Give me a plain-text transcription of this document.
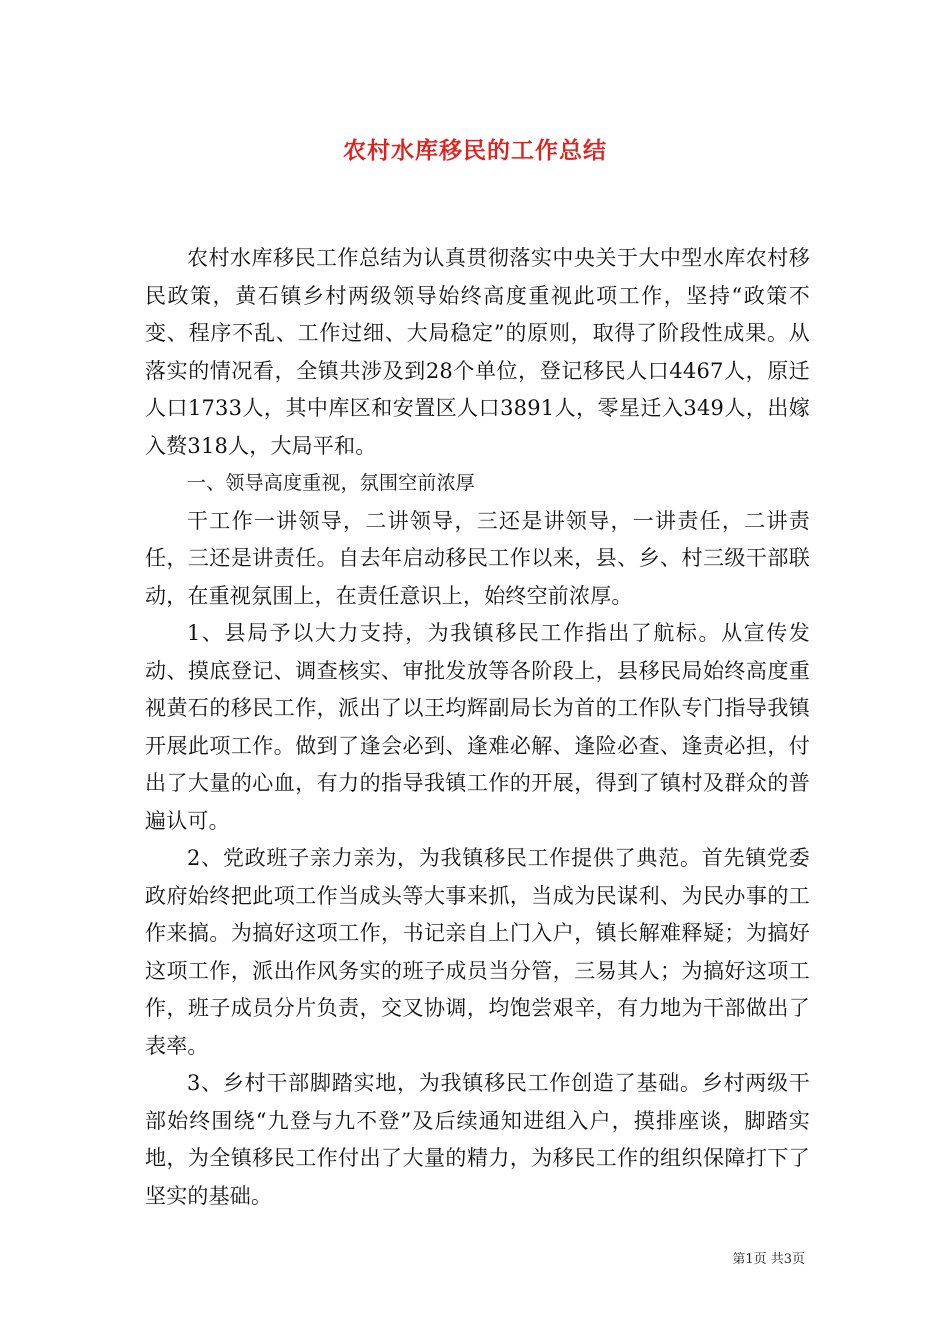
农村水库移民的工作总结

农村水库移民工作总结为认真贯彻落实中央关于大中型水库农村移民政策，黄石镇乡村两级领导始终高度重视此项工作，坚持“政策不变、程序不乱、工作过细、大局稳定”的原则，取得了阶段性成果。从落实的情况看，全镇共涉及到28个单位，登记移民人口4467人，原迁人口1733人，其中库区和安置区人口3891人，零星迁入349人，出嫁入赘318人，大局平和。

一、领导高度重视，氛围空前浓厚

干工作一讲领导，二讲领导，三还是讲领导，一讲责任，二讲责任，三还是讲责任。自去年启动移民工作以来，县、乡、村三级干部联动，在重视氛围上，在责任意识上，始终空前浓厚。

1、县局予以大力支持，为我镇移民工作指出了航标。从宣传发动、摸底登记、调查核实、审批发放等各阶段上，县移民局始终高度重视黄石的移民工作，派出了以王均辉副局长为首的工作队专门指导我镇开展此项工作。做到了逢会必到、逢难必解、逢险必查、逢责必担，付出了大量的心血，有力的指导我镇工作的开展，得到了镇村及群众的普遍认可。

2、党政班子亲力亲为，为我镇移民工作提供了典范。首先镇党委政府始终把此项工作当成头等大事来抓，当成为民谋利、为民办事的工作来搞。为搞好这项工作，书记亲自上门入户，镇长解难释疑；为搞好这项工作，派出作风务实的班子成员当分管，三易其人；为搞好这项工作，班子成员分片负责，交叉协调，均饱尝艰辛，有力地为干部做出了表率。

3、乡村干部脚踏实地，为我镇移民工作创造了基础。乡村两级干部始终围绕“九登与九不登”及后续通知进组入户，摸排座谈，脚踏实地，为全镇移民工作付出了大量的精力，为移民工作的组织保障打下了坚实的基础。

第1页 共3页
